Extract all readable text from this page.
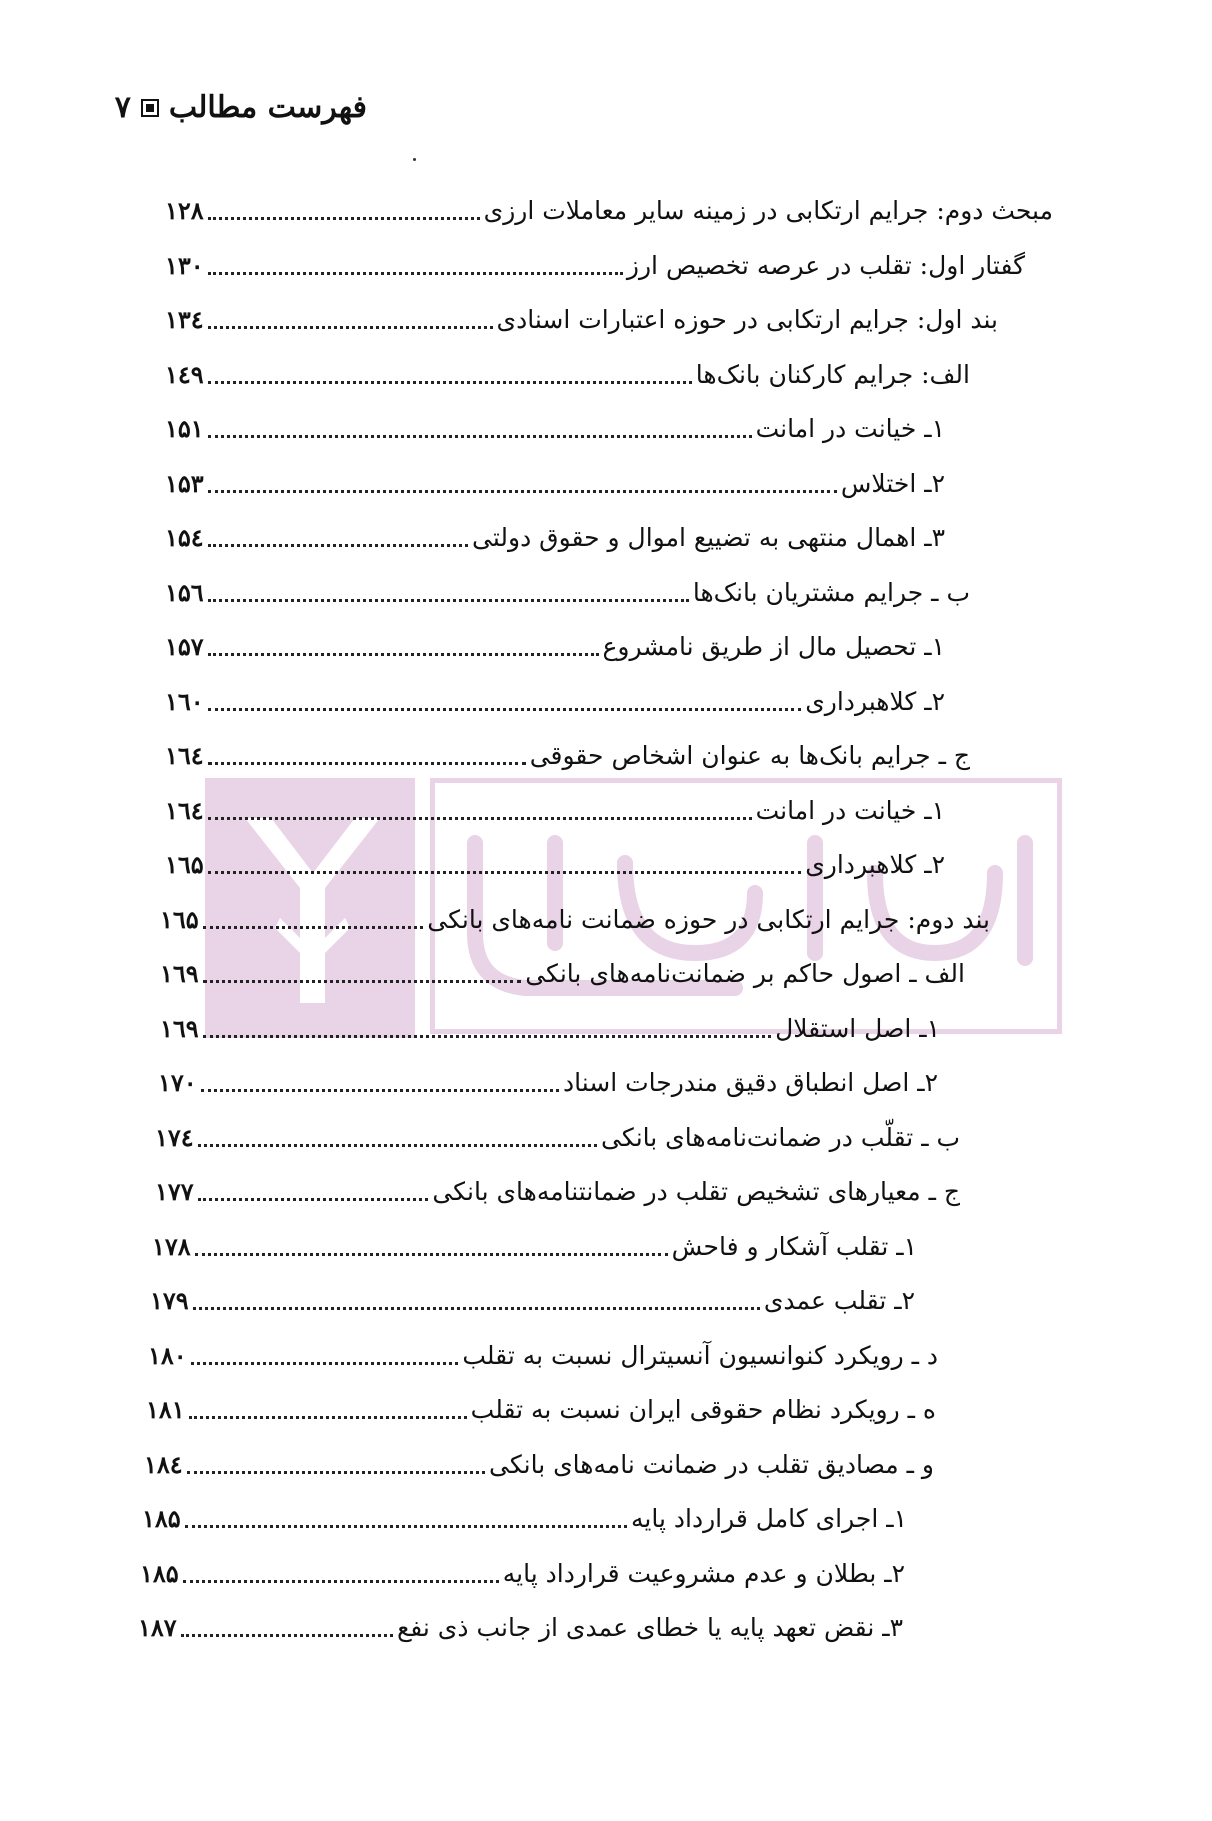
فهرست مطالب
۷
مبحث دوم: جرایم ارتکابی در زمینه سایر معاملات ارزی
۱۲۸
گفتار اول: تقلب در عرصه تخصیص ارز
۱۳۰
بند اول: جرایم ارتکابی در حوزه اعتبارات اسنادی
۱۳٤
الف: جرایم کارکنان بانک‌ها
۱٤۹
۱ـ خیانت در امانت
۱۵۱
۲ـ اختلاس
۱۵۳
۳ـ اهمال منتهی به تضییع اموال و حقوق دولتی
۱۵٤
ب ـ جرایم مشتریان بانک‌ها
۱۵٦
۱ـ تحصیل مال از طریق نامشروع
۱۵۷
۲ـ کلاهبرداری
۱٦۰
ج ـ جرایم بانک‌ها به عنوان اشخاص حقوقی
۱٦٤
۱ـ خیانت در امانت
۱٦٤
۲ـ کلاهبرداری
۱٦۵
بند دوم: جرایم ارتکابی در حوزه ضمانت نامه‌های بانکی
۱٦۵
الف ـ اصول حاکم بر ضمانت‌نامه‌های بانکی
۱٦۹
۱ـ اصل استقلال
۱٦۹
۲ـ اصل انطباق دقیق مندرجات اسناد
۱۷۰
ب ـ تقلّب در ضمانت‌نامه‌های بانکی
۱۷٤
ج ـ معیارهای تشخیص تقلب در ضمانتنامه‌های بانکی
۱۷۷
۱ـ تقلب آشکار و فاحش
۱۷۸
۲ـ تقلب عمدی
۱۷۹
د ـ رویکرد کنوانسیون آنسیترال نسبت به تقلب
۱۸۰
ه ـ رویکرد نظام حقوقی ایران نسبت به تقلب
۱۸۱
و ـ مصادیق تقلب در ضمانت نامه‌های بانکی
۱۸٤
۱ـ اجرای کامل قرارداد پایه
۱۸۵
۲ـ بطلان و عدم مشروعیت قرارداد پایه
۱۸۵
۳ـ نقض تعهد پایه یا خطای عمدی از جانب ذی نفع
۱۸۷
